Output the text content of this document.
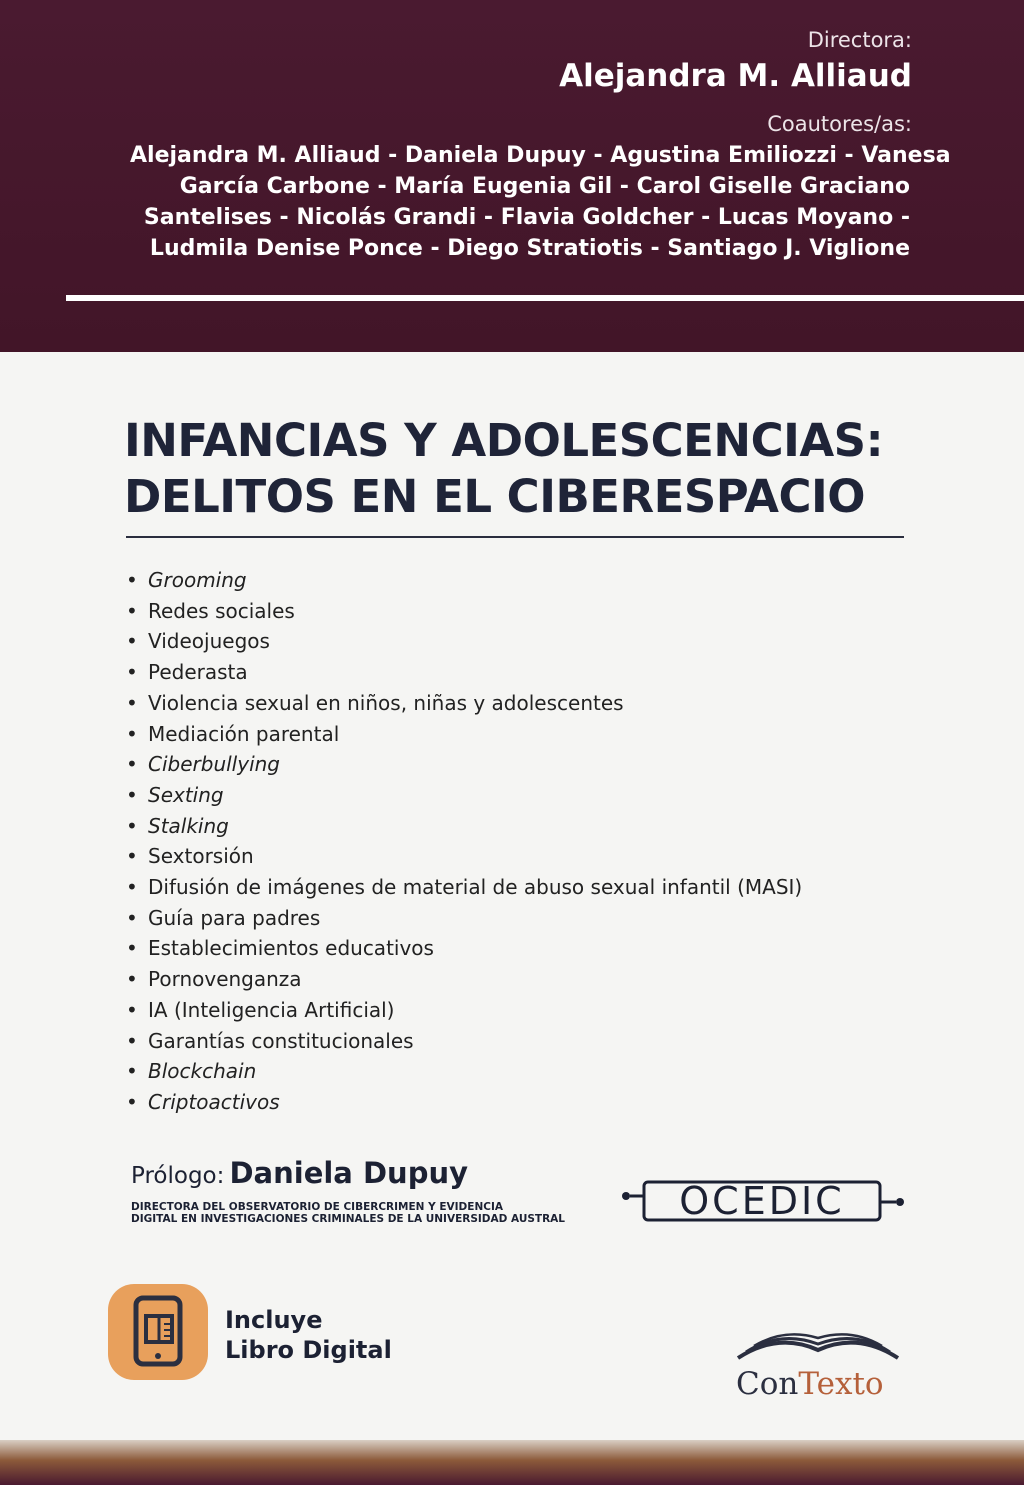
Directora:
Alejandra M. Alliaud
Coautores/as:
Alejandra M. Alliaud - Daniela Dupuy - Agustina Emiliozzi - Vanesa
García Carbone - María Eugenia Gil - Carol Giselle Graciano
Santelises - Nicolás Grandi - Flavia Goldcher - Lucas Moyano -
Ludmila Denise Ponce - Diego Stratiotis - Santiago J. Viglione
INFANCIAS Y ADOLESCENCIAS:
DELITOS EN EL CIBERESPACIO
• Grooming
• Redes sociales
• Videojuegos
• Pederasta
• Violencia sexual en niños, niñas y adolescentes
• Mediación parental
• Ciberbullying
• Sexting
• Stalking
• Sextorsión
• Difusión de imágenes de material de abuso sexual infantil (MASI)
• Guía para padres
• Establecimientos educativos
• Pornovenganza
• IA (Inteligencia Artificial)
• Garantías constitucionales
• Blockchain
• Criptoactivos
Prólogo: Daniela Dupuy
DIRECTORA DEL OBSERVATORIO DE CIBERCRIMEN Y EVIDENCIA
DIGITAL EN INVESTIGACIONES CRIMINALES DE LA UNIVERSIDAD AUSTRAL	OCEDIC
Incluye
Libro Digital
ConTexto
